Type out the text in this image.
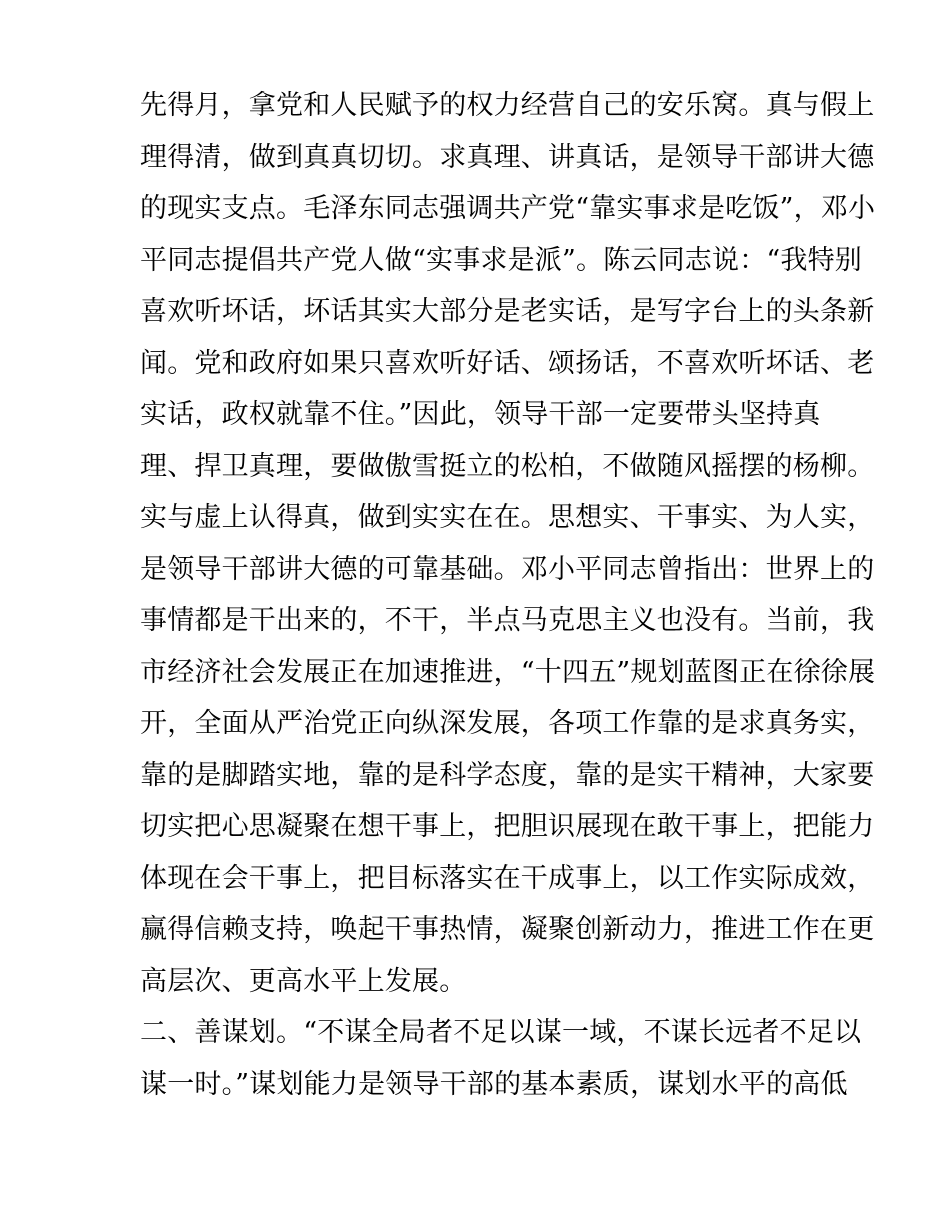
先得月，拿党和人民赋予的权力经营自己的安乐窝。真与假上
理得清，做到真真切切。求真理、讲真话，是领导干部讲大德
的现实支点。毛泽东同志强调共产党“靠实事求是吃饭”，邓小
平同志提倡共产党人做“实事求是派”。陈云同志说：“我特别
喜欢听坏话，坏话其实大部分是老实话，是写字台上的头条新
闻。党和政府如果只喜欢听好话、颂扬话，不喜欢听坏话、老
实话，政权就靠不住。”因此，领导干部一定要带头坚持真
理、捍卫真理，要做傲雪挺立的松柏，不做随风摇摆的杨柳。
实与虚上认得真，做到实实在在。思想实、干事实、为人实，
是领导干部讲大德的可靠基础。邓小平同志曾指出：世界上的
事情都是干出来的，不干，半点马克思主义也没有。当前，我
市经济社会发展正在加速推进，“十四五”规划蓝图正在徐徐展
开，全面从严治党正向纵深发展，各项工作靠的是求真务实，
靠的是脚踏实地，靠的是科学态度，靠的是实干精神，大家要
切实把心思凝聚在想干事上，把胆识展现在敢干事上，把能力
体现在会干事上，把目标落实在干成事上，以工作实际成效，
赢得信赖支持，唤起干事热情，凝聚创新动力，推进工作在更
高层次、更高水平上发展。
二、善谋划。“不谋全局者不足以谋一域，不谋长远者不足以
谋一时。”谋划能力是领导干部的基本素质，谋划水平的高低
